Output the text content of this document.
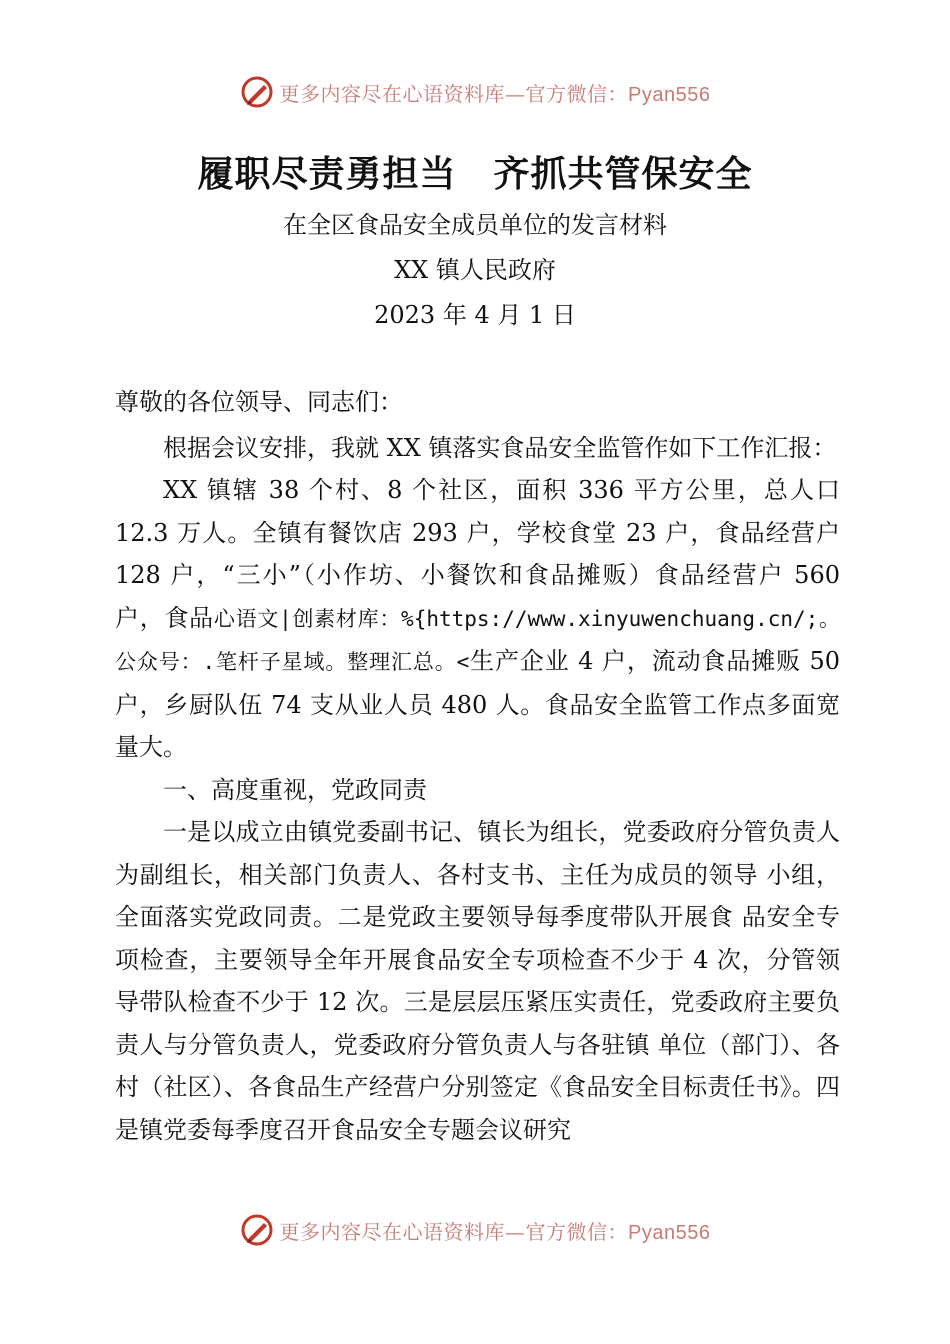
更多内容尽在心语资料库—官方微信：Pyan556
履职尽责勇担当　齐抓共管保安全
在全区食品安全成员单位的发言材料
XX 镇人民政府
2023 年 4 月 1 日

尊敬的各位领导、同志们：

根据会议安排，我就 XX 镇落实食品安全监管作如下工作汇报：

XX 镇辖 38 个村、8 个社区，面积 336 平方公里，总人口 12.3 万人。全镇有餐饮店 293 户，学校食堂 23 户，食品经营户 128 户，“三小”（小作坊、小餐饮和食品摊贩）食品经营户 560 户，食品心语文|创素材库：%{https://www.xinyuwenchuang.cn/;。公众号：.笔杆子星域。整理汇总。<生产企业 4 户，流动食品摊贩 50 户，乡厨队伍 74 支从业人员 480 人。食品安全监管工作点多面宽量大。

一、高度重视，党政同责

一是以成立由镇党委副书记、镇长为组长，党委政府分管负责人为副组长，相关部门负责人、各村支书、主任为成员的领导 小组，全面落实党政同责。二是党政主要领导每季度带队开展食 品安全专项检查，主要领导全年开展食品安全专项检查不少于 4 次，分管领导带队检查不少于 12 次。三是层层压紧压实责任，党委政府主要负责人与分管负责人，党委政府分管负责人与各驻镇 单位（部门）、各村（社区）、各食品生产经营户分别签定《食品安全目标责任书》。四是镇党委每季度召开食品安全专题会议研究

更多内容尽在心语资料库—官方微信：Pyan556
